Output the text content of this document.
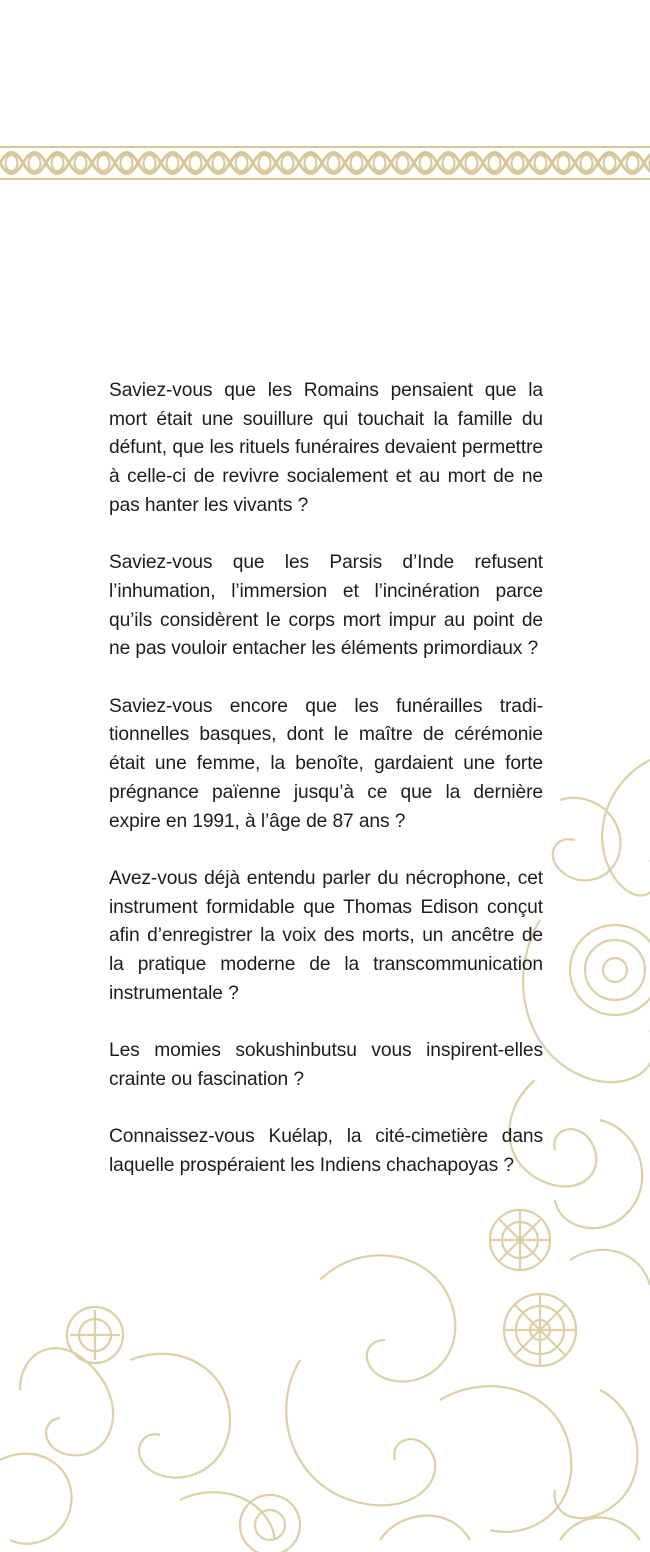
Saviez-vous que les Romains pensaient que la mort était une souillure qui touchait la famille du défunt, que les rituels funéraires devaient permettre à celle-ci de revivre socialement et au mort de ne pas hanter les vivants ?

Saviez-vous que les Parsis d’Inde refusent l’inhumation, l’immersion et l’incinération parce qu’ils considèrent le corps mort impur au point de ne pas vouloir entacher les éléments primordiaux ?

Saviez-vous encore que les funérailles traditionnelles basques, dont le maître de cérémonie était une femme, la benoîte, gardaient une forte prégnance païenne jusqu’à ce que la dernière expire en 1991, à l’âge de 87 ans ?

Avez-vous déjà entendu parler du nécrophone, cet instrument formidable que Thomas Edison conçut afin d’enregistrer la voix des morts, un ancêtre de la pratique moderne de la transcommunication instrumentale ?

Les momies sokushinbutsu vous inspirent-elles crainte ou fascination ?

Connaissez-vous Kuélap, la cité-cimetière dans laquelle prospéraient les Indiens chachapoyas ?
